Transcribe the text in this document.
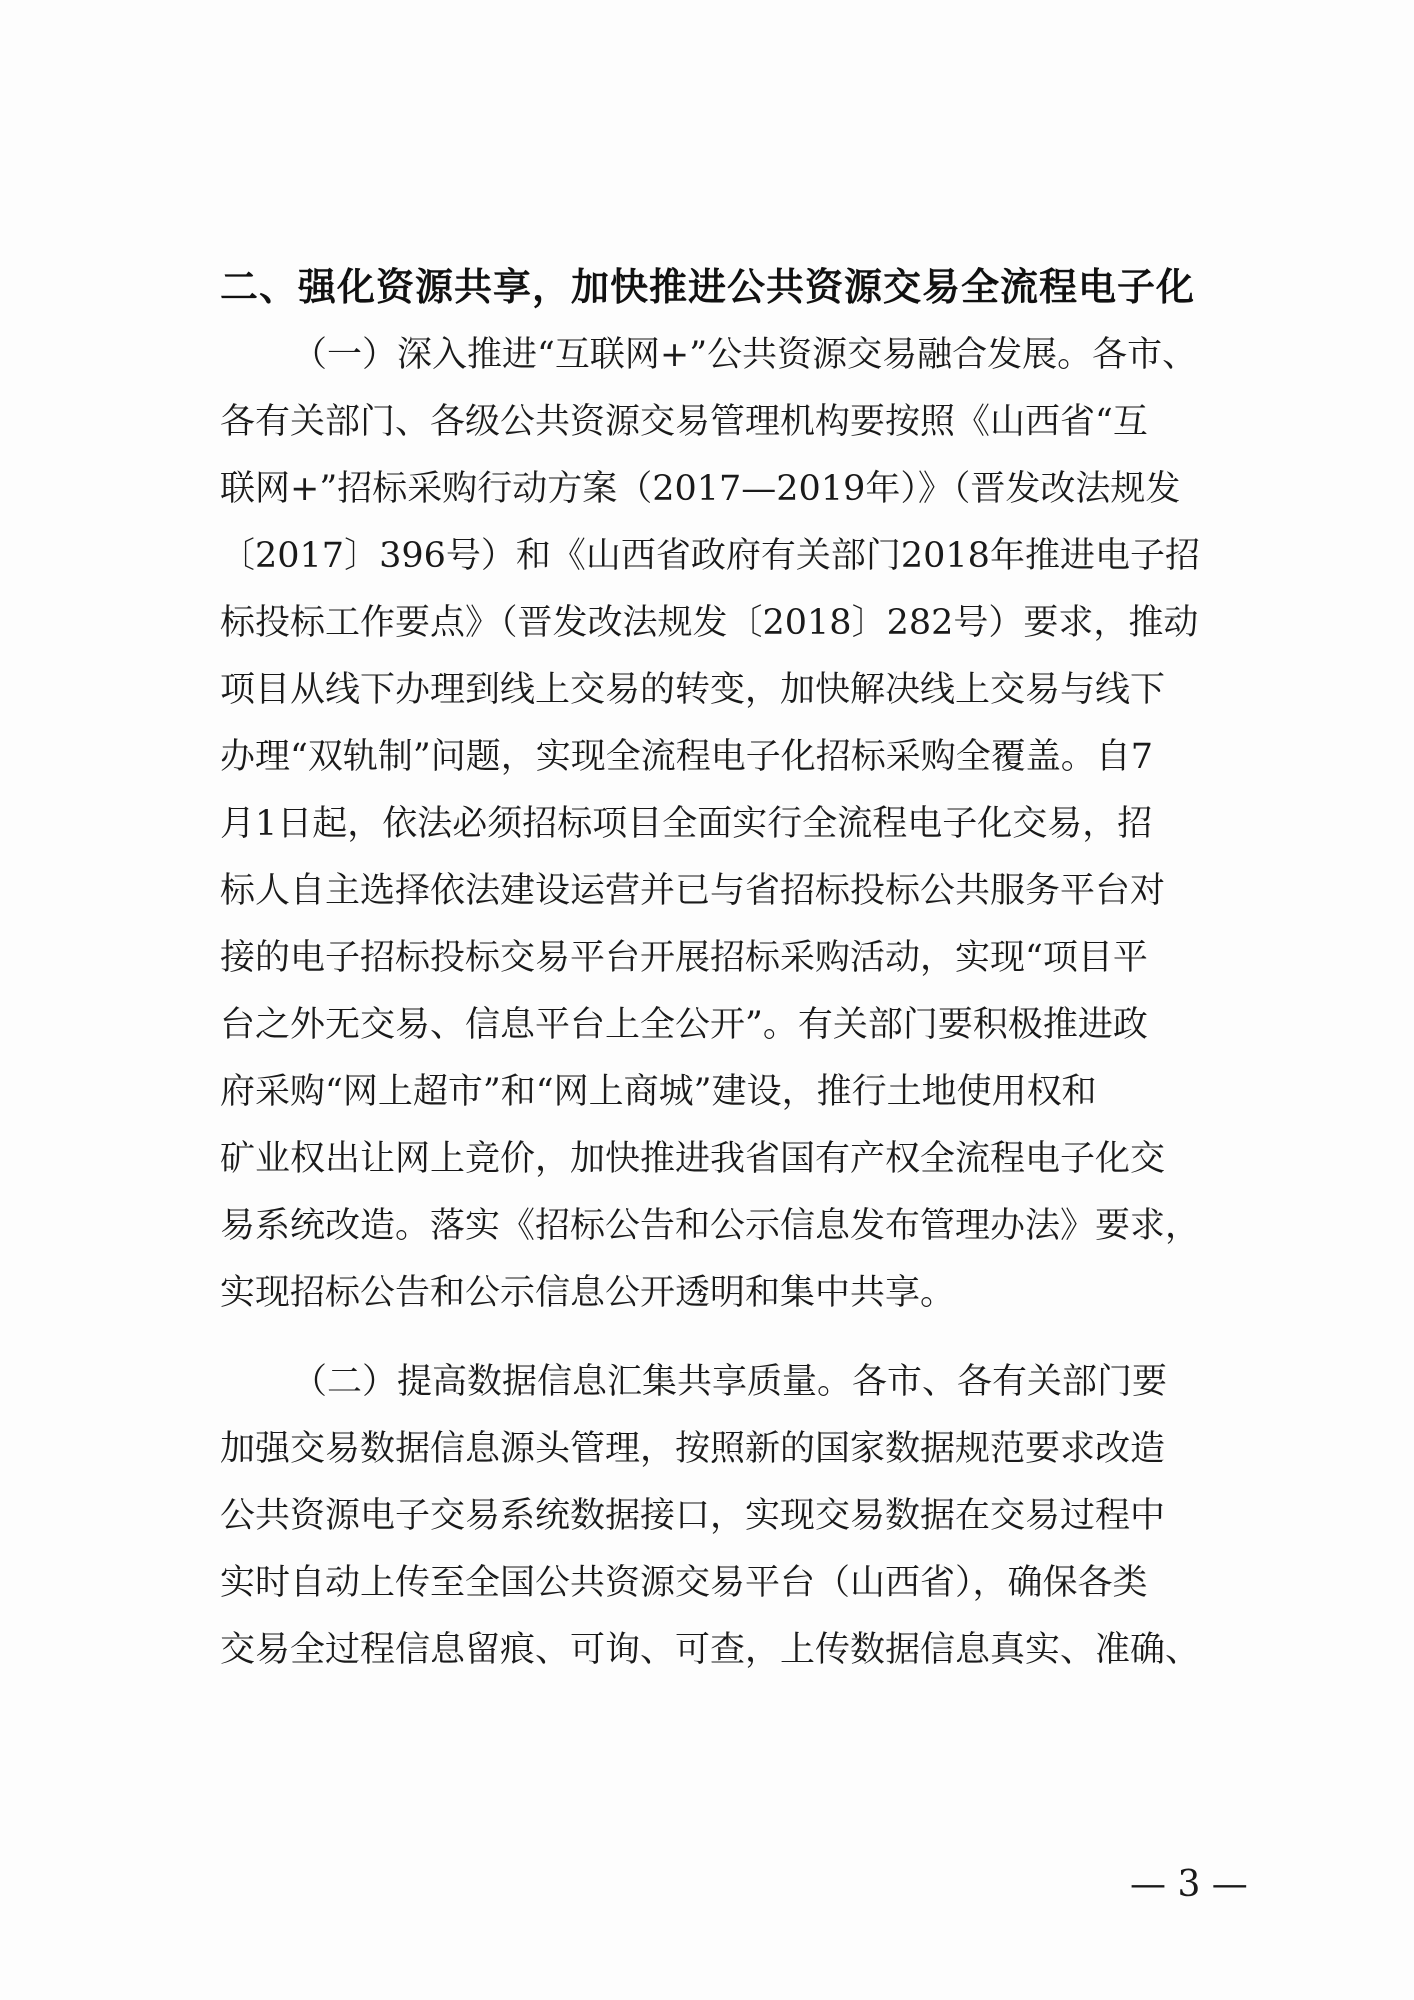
二、强化资源共享，加快推进公共资源交易全流程电子化
（一）深入推进“互联网+”公共资源交易融合发展。各市、
各有关部门、各级公共资源交易管理机构要按照《山西省“互
联网+”招标采购行动方案（2017—2019年）》（晋发改法规发
〔2017〕396号）和《山西省政府有关部门2018年推进电子招
标投标工作要点》（晋发改法规发〔2018〕282号）要求，推动
项目从线下办理到线上交易的转变，加快解决线上交易与线下
办理“双轨制”问题，实现全流程电子化招标采购全覆盖。自7
月1日起，依法必须招标项目全面实行全流程电子化交易，招
标人自主选择依法建设运营并已与省招标投标公共服务平台对
接的电子招标投标交易平台开展招标采购活动，实现“项目平
台之外无交易、信息平台上全公开”。有关部门要积极推进政
府采购“网上超市”和“网上商城”建设，推行土地使用权和
矿业权出让网上竞价，加快推进我省国有产权全流程电子化交
易系统改造。落实《招标公告和公示信息发布管理办法》要求，
实现招标公告和公示信息公开透明和集中共享。
（二）提高数据信息汇集共享质量。各市、各有关部门要
加强交易数据信息源头管理，按照新的国家数据规范要求改造
公共资源电子交易系统数据接口，实现交易数据在交易过程中
实时自动上传至全国公共资源交易平台（山西省），确保各类
交易全过程信息留痕、可询、可查，上传数据信息真实、准确、
— 3 —
